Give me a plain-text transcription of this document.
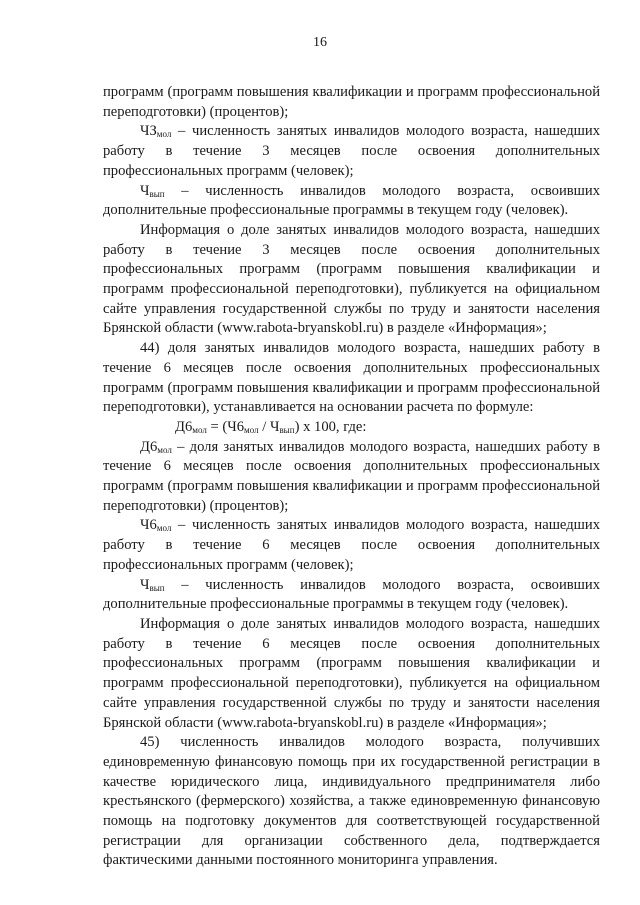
16

программ (программ повышения квалификации и программ профессиональной переподготовки) (процентов);

$ЧЗ_{мол}$ – численность занятых инвалидов молодого возраста, нашедших работу в течение 3 месяцев после освоения дополнительных профессиональных программ (человек);

$Ч_{вып}$ – численность инвалидов молодого возраста, освоивших дополнительные профессиональные программы в текущем году (человек).

Информация о доле занятых инвалидов молодого возраста, нашедших работу в течение 3 месяцев после освоения дополнительных профессиональных программ (программ повышения квалификации и программ профессиональной переподготовки), публикуется на официальном сайте управления государственной службы по труду и занятости населения Брянской области (www.rabota-bryanskobl.ru) в разделе «Информация»;

44) доля занятых инвалидов молодого возраста, нашедших работу в течение 6 месяцев после освоения дополнительных профессиональных программ (программ повышения квалификации и программ профессиональной переподготовки), устанавливается на основании расчета по формуле:

$Д6_{мол} = (Ч6_{мол} / Ч_{вып})$ х 100, где:

$Д6_{мол}$ – доля занятых инвалидов молодого возраста, нашедших работу в течение 6 месяцев после освоения дополнительных профессиональных программ (программ повышения квалификации и программ профессиональной переподготовки) (процентов);

$Ч6_{мол}$ – численность занятых инвалидов молодого возраста, нашедших работу в течение 6 месяцев после освоения дополнительных профессиональных программ (человек);

$Ч_{вып}$ – численность инвалидов молодого возраста, освоивших дополнительные профессиональные программы в текущем году (человек).

Информация о доле занятых инвалидов молодого возраста, нашедших работу в течение 6 месяцев после освоения дополнительных профессиональных программ (программ повышения квалификации и программ профессиональной переподготовки), публикуется на официальном сайте управления государственной службы по труду и занятости населения Брянской области (www.rabota-bryanskobl.ru) в разделе «Информация»;

45) численность инвалидов молодого возраста, получивших единовременную финансовую помощь при их государственной регистрации в качестве юридического лица, индивидуального предпринимателя либо крестьянского (фермерского) хозяйства, а также единовременную финансовую помощь на подготовку документов для соответствующей государственной регистрации для организации собственного дела, подтверждается фактическими данными постоянного мониторинга управления.
